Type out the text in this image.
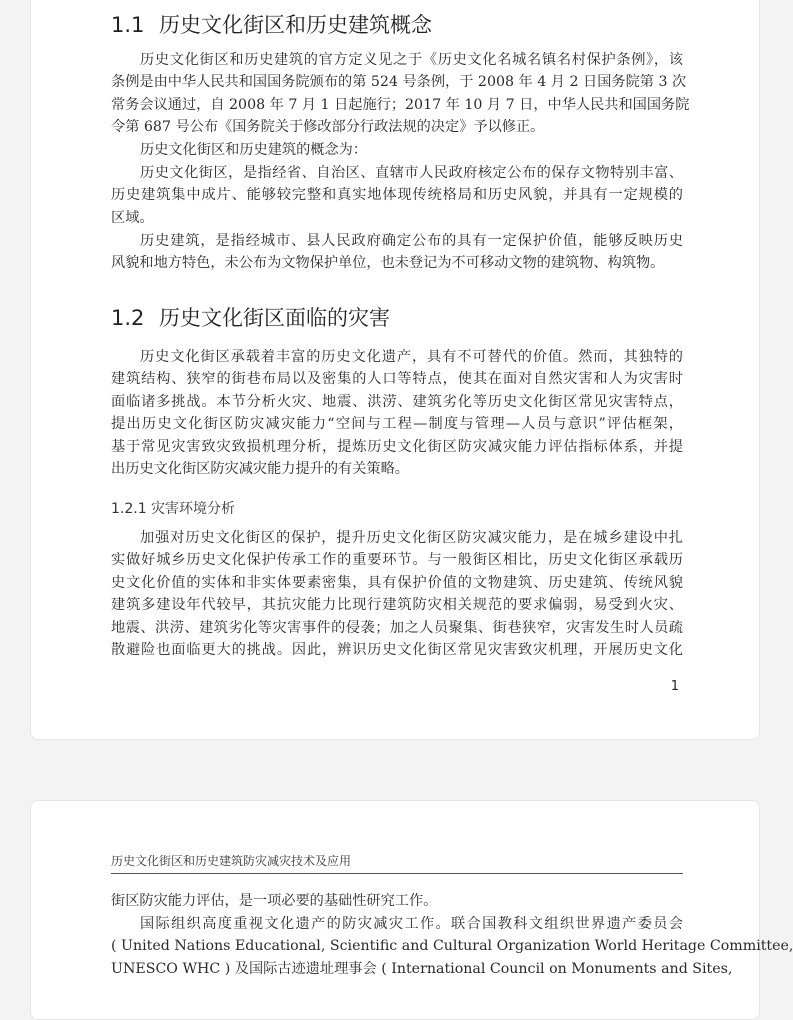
1.1 历史文化街区和历史建筑概念
历史文化街区和历史建筑的官方定义见之于《历史文化名城名镇名村保护条例》，该
条例是由中华人民共和国国务院颁布的第 524 号条例，于 2008 年 4 月 2 日国务院第 3 次
常务会议通过，自 2008 年 7 月 1 日起施行；2017 年 10 月 7 日，中华人民共和国国务院
令第 687 号公布《国务院关于修改部分行政法规的决定》予以修正。
历史文化街区和历史建筑的概念为：
历史文化街区，是指经省、自治区、直辖市人民政府核定公布的保存文物特别丰富、
历史建筑集中成片、能够较完整和真实地体现传统格局和历史风貌，并具有一定规模的
区域。
历史建筑，是指经城市、县人民政府确定公布的具有一定保护价值，能够反映历史
风貌和地方特色，未公布为文物保护单位，也未登记为不可移动文物的建筑物、构筑物。
1.2 历史文化街区面临的灾害
历史文化街区承载着丰富的历史文化遗产，具有不可替代的价值。然而，其独特的
建筑结构、狭窄的街巷布局以及密集的人口等特点，使其在面对自然灾害和人为灾害时
面临诸多挑战。本节分析火灾、地震、洪涝、建筑劣化等历史文化街区常见灾害特点，
提出历史文化街区防灾减灾能力“空间与工程—制度与管理—人员与意识”评估框架，
基于常见灾害致灾致损机理分析，提炼历史文化街区防灾减灾能力评估指标体系，并提
出历史文化街区防灾减灾能力提升的有关策略。
1.2.1 灾害环境分析
加强对历史文化街区的保护，提升历史文化街区防灾减灾能力，是在城乡建设中扎
实做好城乡历史文化保护传承工作的重要环节。与一般街区相比，历史文化街区承载历
史文化价值的实体和非实体要素密集，具有保护价值的文物建筑、历史建筑、传统风貌
建筑多建设年代较早，其抗灾能力比现行建筑防灾相关规范的要求偏弱，易受到火灾、
地震、洪涝、建筑劣化等灾害事件的侵袭；加之人员聚集、街巷狭窄，灾害发生时人员疏
散避险也面临更大的挑战。因此，辨识历史文化街区常见灾害致灾机理，开展历史文化
1
历史文化街区和历史建筑防灾减灾技术及应用
街区防灾能力评估，是一项必要的基础性研究工作。
国际组织高度重视文化遗产的防灾减灾工作。联合国教科文组织世界遗产委员会
( United Nations Educational, Scientific and Cultural Organization World Heritage Committee,
UNESCO WHC ) 及国际古迹遗址理事会 ( International Council on Monuments and Sites,
